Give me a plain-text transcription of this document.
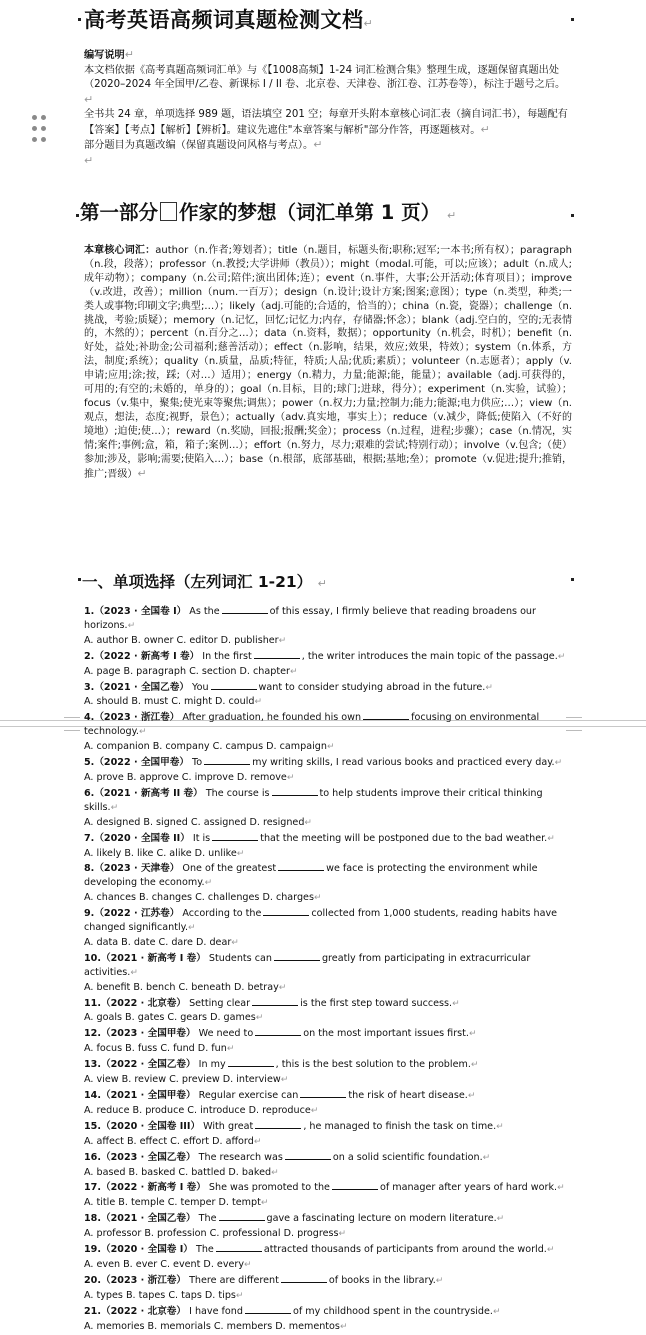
高考英语高频词真题检测文档↵

编写说明↵

本文档依据《高考真题高频词汇单》与《【1008高频】1-24 词汇检测合集》整理生成，逐题保留真题出处（2020–2024 年全国甲/乙卷、新课标 I / II 卷、北京卷、天津卷、浙江卷、江苏卷等），标注于题号之后。↵

全书共 24 章，单项选择 989 题，语法填空 201 空；每章开头附本章核心词汇表（摘自词汇书），每题配有【答案】【考点】【解析】【辨析】。建议先遮住"本章答案与解析"部分作答，再逐题核对。↵

部分题目为真题改编（保留真题设问风格与考点）。↵

↵

第一部分 作家的梦想（词汇单第 1 页） ↵

本章核心词汇：author（n.作者;筹划者）；title（n.题目，标题头衔;职称;冠军;一本书;所有权）；paragraph（n.段，段落）；professor（n.教授;大学讲师（教员））；might（modal.可能，可以;应该）；adult（n.成人;成年动物）；company（n.公司;陪伴;演出团体;连）；event（n.事件，大事;公开活动;体育项目）；improve（v.改进，改善）；million（num.一百万）；design（n.设计;设计方案;图案;意图）；type（n.类型，种类;一类人或事物;印刷文字;典型;…）；likely（adj.可能的;合适的，恰当的）；china（n.瓷，瓷器）；challenge（n.挑战，考验;质疑）；memory（n.记忆，回忆;记忆力;内存，存储器;怀念）；blank（adj.空白的，空的;无表情的，木然的）；percent（n.百分之…）；data（n.资料，数据）；opportunity（n.机会，时机）；benefit（n.好处，益处;补助金;公司福利;慈善活动）；effect（n.影响，结果，效应;效果，特效）；system（n.体系，方法，制度;系统）；quality（n.质量，品质;特征，特质;人品;优质;素质）；volunteer（n.志愿者）；apply（v.申请;应用;涂;按，踩;（对…）适用）；energy（n.精力，力量;能源;能，能量）；available（adj.可获得的，可用的;有空的;未婚的，单身的）；goal（n.目标，目的;球门;进球，得分）；experiment（n.实验，试验）；focus（v.集中，聚集;使光束等聚焦;调焦）；power（n.权力;力量;控制力;能力;能源;电力供应;…）；view（n.观点，想法，态度;视野，景色）；actually（adv.真实地，事实上）；reduce（v.减少，降低;使陷入（不好的境地）;迫使;使…）；reward（n.奖励，回报;报酬;奖金）；process（n.过程，进程;步骤）；case（n.情况，实情;案件;事例;盒，箱，箱子;案例…）；effort（n.努力，尽力;艰难的尝试;特别行动）；involve（v.包含;（使）参加;涉及，影响;需要;使陷入…）；base（n.根部，底部基础，根据;基地;垒）；promote（v.促进;提升;推销，推广;晋级）↵

一、单项选择（左列词汇 1-21） ↵

1.（2023 · 全国卷 I） As the	of this essay, I firmly believe that reading broadens our horizons.↵

A. author B. owner C. editor D. publisher↵

2.（2022 · 新高考 I 卷） In the first	, the writer introduces the main topic of the passage.↵

A. page B. paragraph C. section D. chapter↵

3.（2021 · 全国乙卷） You	want to consider studying abroad in the future.↵

A. should B. must C. might D. could↵

4.（2023 · 浙江卷） After graduation, he founded his own	focusing on environmental technology.↵

A. companion B. company C. campus D. campaign↵

5.（2022 · 全国甲卷） To	my writing skills, I read various books and practiced every day.↵

A. prove B. approve C. improve D. remove↵

6.（2021 · 新高考 II 卷） The course is	to help students improve their critical thinking skills.↵

A. designed B. signed C. assigned D. resigned↵

7.（2020 · 全国卷 II） It is	that the meeting will be postponed due to the bad weather.↵

A. likely B. like C. alike D. unlike↵

8.（2023 · 天津卷） One of the greatest	we face is protecting the environment while developing the economy.↵

A. chances B. changes C. challenges D. charges↵

9.（2022 · 江苏卷） According to the	collected from 1,000 students, reading habits have changed significantly.↵

A. data B. date C. dare D. dear↵

10.（2021 · 新高考 I 卷） Students can	greatly from participating in extracurricular activities.↵

A. benefit B. bench C. beneath D. betray↵

11.（2022 · 北京卷） Setting clear	is the first step toward success.↵

A. goals B. gates C. gears D. games↵

12.（2023 · 全国甲卷） We need to	on the most important issues first.↵

A. focus B. fuss C. fund D. fun↵

13.（2022 · 全国乙卷） In my	, this is the best solution to the problem.↵

A. view B. review C. preview D. interview↵

14.（2021 · 全国甲卷） Regular exercise can	the risk of heart disease.↵

A. reduce B. produce C. introduce D. reproduce↵

15.（2020 · 全国卷 III） With great	, he managed to finish the task on time.↵

A. affect B. effect C. effort D. afford↵

16.（2023 · 全国乙卷） The research was	on a solid scientific foundation.↵

A. based B. basked C. battled D. baked↵

17.（2022 · 新高考 I 卷） She was promoted to the	of manager after years of hard work.↵

A. title B. temple C. temper D. tempt↵

18.（2021 · 全国乙卷） The	gave a fascinating lecture on modern literature.↵

A. professor B. profession C. professional D. progress↵

19.（2020 · 全国卷 I） The	attracted thousands of participants from around the world.↵

A. even B. ever C. event D. every↵

20.（2023 · 浙江卷） There are different	of books in the library.↵

A. types B. tapes C. taps D. tips↵

21.（2022 · 北京卷） I have fond	of my childhood spent in the countryside.↵

A. memories B. memorials C. members D. mementos↵
